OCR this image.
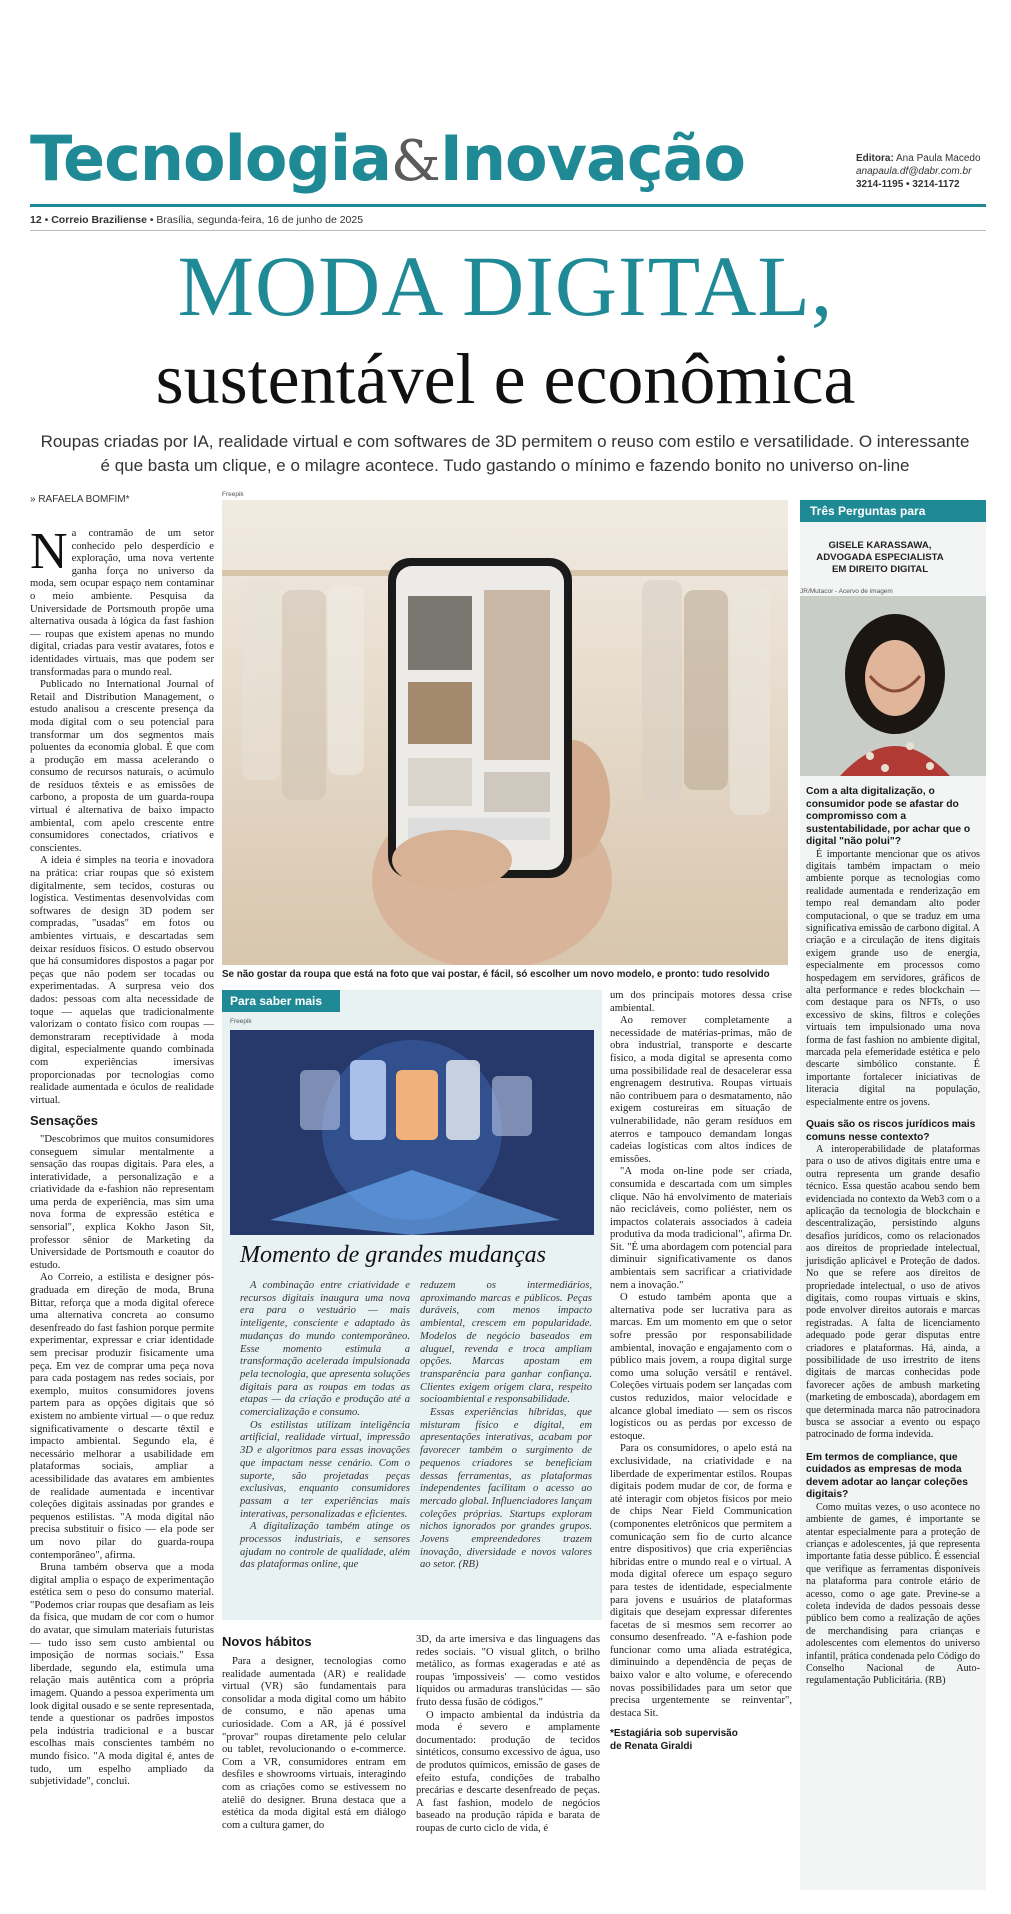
Tecnologia&Inovação	Editora: Ana Paula Macedo
anapaula.df@dabr.com.br
3214-1195 • 3214-1172
12 • Correio Braziliense • Brasília, segunda-feira, 16 de junho de 2025
MODA DIGITAL,
sustentável e econômica
Roupas criadas por IA, realidade virtual e com softwares de 3D permitem o reuso com estilo e versatilidade. O interessante é que basta um clique, e o milagre acontece. Tudo gastando o mínimo e fazendo bonito no universo on-line
» RAFAELA BOMFIM*

Na contramão de um setor conhecido pelo desperdício e exploração, uma nova vertente ganha força no universo da moda, sem ocupar espaço nem contaminar o meio ambiente. Pesquisa da Universidade de Portsmouth propõe uma alternativa ousada à lógica da fast fashion — roupas que existem apenas no mundo digital, criadas para vestir avatares, fotos e identidades virtuais, mas que podem ser transformadas para o mundo real.

Publicado no International Journal of Retail and Distribution Management, o estudo analisou a crescente presença da moda digital com o seu potencial para transformar um dos segmentos mais poluentes da economia global. É que com a produção em massa acelerando o consumo de recursos naturais, o acúmulo de resíduos têxteis e as emissões de carbono, a proposta de um guarda-roupa virtual é alternativa de baixo impacto ambiental, com apelo crescente entre consumidores conectados, criativos e conscientes.

A ideia é simples na teoria e inovadora na prática: criar roupas que só existem digitalmente, sem tecidos, costuras ou logística. Vestimentas desenvolvidas com softwares de design 3D podem ser compradas, "usadas" em fotos ou ambientes virtuais, e descartadas sem deixar resíduos físicos. O estudo observou que há consumidores dispostos a pagar por peças que não podem ser tocadas ou experimentadas. A surpresa veio dos dados: pessoas com alta necessidade de toque — aquelas que tradicionalmente valorizam o contato físico com roupas — demonstraram receptividade à moda digital, especialmente quando combinada com experiências imersivas proporcionadas por tecnologias como realidade aumentada e óculos de realidade virtual.

Sensações

"Descobrimos que muitos consumidores conseguem simular mentalmente a sensação das roupas digitais. Para eles, a interatividade, a personalização e a criatividade da e-fashion não representam uma perda de experiência, mas sim uma nova forma de expressão estética e sensorial", explica Kokho Jason Sit, professor sênior de Marketing da Universidade de Portsmouth e coautor do estudo.

Ao Correio, a estilista e designer pós-graduada em direção de moda, Bruna Bittar, reforça que a moda digital oferece uma alternativa concreta ao consumo desenfreado do fast fashion porque permite experimentar, expressar e criar identidade sem precisar produzir fisicamente uma peça. Em vez de comprar uma peça nova para cada postagem nas redes sociais, por exemplo, muitos consumidores jovens partem para as opções digitais que só existem no ambiente virtual — o que reduz significativamente o descarte têxtil e impacto ambiental. Segundo ela, é necessário melhorar a usabilidade em plataformas sociais, ampliar a acessibilidade das avatares em ambientes de realidade aumentada e incentivar coleções digitais assinadas por grandes e pequenos estilistas. "A moda digital não precisa substituir o físico — ela pode ser um novo pilar do guarda-roupa contemporâneo", afirma.

Bruna também observa que a moda digital amplia o espaço de experimentação estética sem o peso do consumo material. "Podemos criar roupas que desafiam as leis da física, que mudam de cor com o humor do avatar, que simulam materiais futuristas — tudo isso sem custo ambiental ou imposição de normas sociais." Essa liberdade, segundo ela, estimula uma relação mais autêntica com a própria imagem. Quando a pessoa experimenta um look digital ousado e se sente representada, tende a questionar os padrões impostos pela indústria tradicional e a buscar escolhas mais conscientes também no mundo físico. "A moda digital é, antes de tudo, um espelho ampliado da subjetividade", conclui.

Freepik
Se não gostar da roupa que está na foto que vai postar, é fácil, só escolher um novo modelo, e pronto: tudo resolvido
Para saber mais
Freepik
Momento de grandes mudanças

A combinação entre criatividade e recursos digitais inaugura uma nova era para o vestuário — mais inteligente, consciente e adaptado às mudanças do mundo contemporâneo. Esse momento estimula a transformação acelerada impulsionada pela tecnologia, que apresenta soluções digitais para as roupas em todas as etapas — da criação e produção até a comercialização e consumo.

Os estilistas utilizam inteligência artificial, realidade virtual, impressão 3D e algoritmos para essas inovações que impactam nesse cenário. Com o suporte, são projetadas peças exclusivas, enquanto consumidores passam a ter experiências mais interativas, personalizadas e eficientes.

A digitalização também atinge os processos industriais, e sensores ajudam no controle de qualidade, além das plataformas online, que

reduzem os intermediários, aproximando marcas e públicos. Peças duráveis, com menos impacto ambiental, crescem em popularidade. Modelos de negócio baseados em aluguel, revenda e troca ampliam opções. Marcas apostam em transparência para ganhar confiança. Clientes exigem origem clara, respeito socioambiental e responsabilidade.

Essas experiências híbridas, que misturam físico e digital, em apresentações interativas, acabam por favorecer também o surgimento de pequenos criadores se beneficiam dessas ferramentas, as plataformas independentes facilitam o acesso ao mercado global. Influenciadores lançam coleções próprias. Startups exploram nichos ignorados por grandes grupos. Jovens empreendedores trazem inovação, diversidade e novos valores ao setor. (RB)

Novos hábitos

Para a designer, tecnologias como realidade aumentada (AR) e realidade virtual (VR) são fundamentais para consolidar a moda digital como um hábito de consumo, e não apenas uma curiosidade. Com a AR, já é possível "provar" roupas diretamente pelo celular ou tablet, revolucionando o e-commerce. Com a VR, consumidores entram em desfiles e showrooms virtuais, interagindo com as criações como se estivessem no ateliê do designer. Bruna destaca que a estética da moda digital está em diálogo com a cultura gamer, do

3D, da arte imersiva e das linguagens das redes sociais. "O visual glitch, o brilho metálico, as formas exageradas e até as roupas 'impossíveis' — como vestidos líquidos ou armaduras translúcidas — são fruto dessa fusão de códigos."

O impacto ambiental da indústria da moda é severo e amplamente documentado: produção de tecidos sintéticos, consumo excessivo de água, uso de produtos químicos, emissão de gases de efeito estufa, condições de trabalho precárias e descarte desenfreado de peças. A fast fashion, modelo de negócios baseado na produção rápida e barata de roupas de curto ciclo de vida, é

um dos principais motores dessa crise ambiental.

Ao remover completamente a necessidade de matérias-primas, mão de obra industrial, transporte e descarte físico, a moda digital se apresenta como uma possibilidade real de desacelerar essa engrenagem destrutiva. Roupas virtuais não contribuem para o desmatamento, não exigem costureiras em situação de vulnerabilidade, não geram resíduos em aterros e tampouco demandam longas cadeias logísticas com altos índices de emissões.

"A moda on-line pode ser criada, consumida e descartada com um simples clique. Não há envolvimento de materiais não recicláveis, como poliéster, nem os impactos colaterais associados à cadeia produtiva da moda tradicional", afirma Dr. Sit. "É uma abordagem com potencial para diminuir significativamente os danos ambientais sem sacrificar a criatividade nem a inovação."

O estudo também aponta que a alternativa pode ser lucrativa para as marcas. Em um momento em que o setor sofre pressão por responsabilidade ambiental, inovação e engajamento com o público mais jovem, a roupa digital surge como uma solução versátil e rentável. Coleções virtuais podem ser lançadas com custos reduzidos, maior velocidade e alcance global imediato — sem os riscos logísticos ou as perdas por excesso de estoque.

Para os consumidores, o apelo está na exclusividade, na criatividade e na liberdade de experimentar estilos. Roupas digitais podem mudar de cor, de forma e até interagir com objetos físicos por meio de chips Near Field Communication (componentes eletrônicos que permitem a comunicação sem fio de curto alcance entre dispositivos) que cria experiências híbridas entre o mundo real e o virtual. A moda digital oferece um espaço seguro para testes de identidade, especialmente para jovens e usuários de plataformas digitais que desejam expressar diferentes facetas de si mesmos sem recorrer ao consumo desenfreado. "A e-fashion pode funcionar como uma aliada estratégica, diminuindo a dependência de peças de baixo valor e alto volume, e oferecendo novas possibilidades para um setor que precisa urgentemente se reinventar", destaca Sit.

*Estagiária sob supervisão

de Renata Giraldi

Três Perguntas para
GISELE KARASSAWA,
ADVOGADA ESPECIALISTA
EM DIREITO DIGITAL
JR/Mutacor - Acervo de imagem

Com a alta digitalização, o consumidor pode se afastar do compromisso com a sustentabilidade, por achar que o digital "não polui"?

É importante mencionar que os ativos digitais também impactam o meio ambiente porque as tecnologias como realidade aumentada e renderização em tempo real demandam alto poder computacional, o que se traduz em uma significativa emissão de carbono digital. A criação e a circulação de itens digitais exigem grande uso de energia, especialmente em processos como hospedagem em servidores, gráficos de alta performance e redes blockchain — com destaque para os NFTs, o uso excessivo de skins, filtros e coleções virtuais tem impulsionado uma nova forma de fast fashion no ambiente digital, marcada pela efemeridade estética e pelo descarte simbólico constante. É importante fortalecer iniciativas de literacia digital na população, especialmente entre os jovens.

Quais são os riscos jurídicos mais comuns nesse contexto?

A interoperabilidade de plataformas para o uso de ativos digitais entre uma e outra representa um grande desafio técnico. Essa questão acabou sendo bem evidenciada no contexto da Web3 com o a aplicação da tecnologia de blockchain e descentralização, persistindo alguns desafios jurídicos, como os relacionados aos direitos de propriedade intelectual, jurisdição aplicável e Proteção de dados. No que se refere aos direitos de propriedade intelectual, o uso de ativos digitais, como roupas virtuais e skins, pode envolver direitos autorais e marcas registradas. A falta de licenciamento adequado pode gerar disputas entre criadores e plataformas. Há, ainda, a possibilidade de uso irrestrito de itens digitais de marcas conhecidas pode favorecer ações de ambush marketing (marketing de emboscada), abordagem em que determinada marca não patrocinadora busca se associar a evento ou espaço patrocinado de forma indevida.

Em termos de compliance, que cuidados as empresas de moda devem adotar ao lançar coleções digitais?

Como muitas vezes, o uso acontece no ambiente de games, é importante se atentar especialmente para a proteção de crianças e adolescentes, já que representa importante fatia desse público. É essencial que verifique as ferramentas disponíveis na plataforma para controle etário de acesso, como o age gate. Previne-se a coleta indevida de dados pessoais desse público bem como a realização de ações de merchandising para crianças e adolescentes com elementos do universo infantil, prática condenada pelo Código do Conselho Nacional de Auto-regulamentação Publicitária. (RB)
